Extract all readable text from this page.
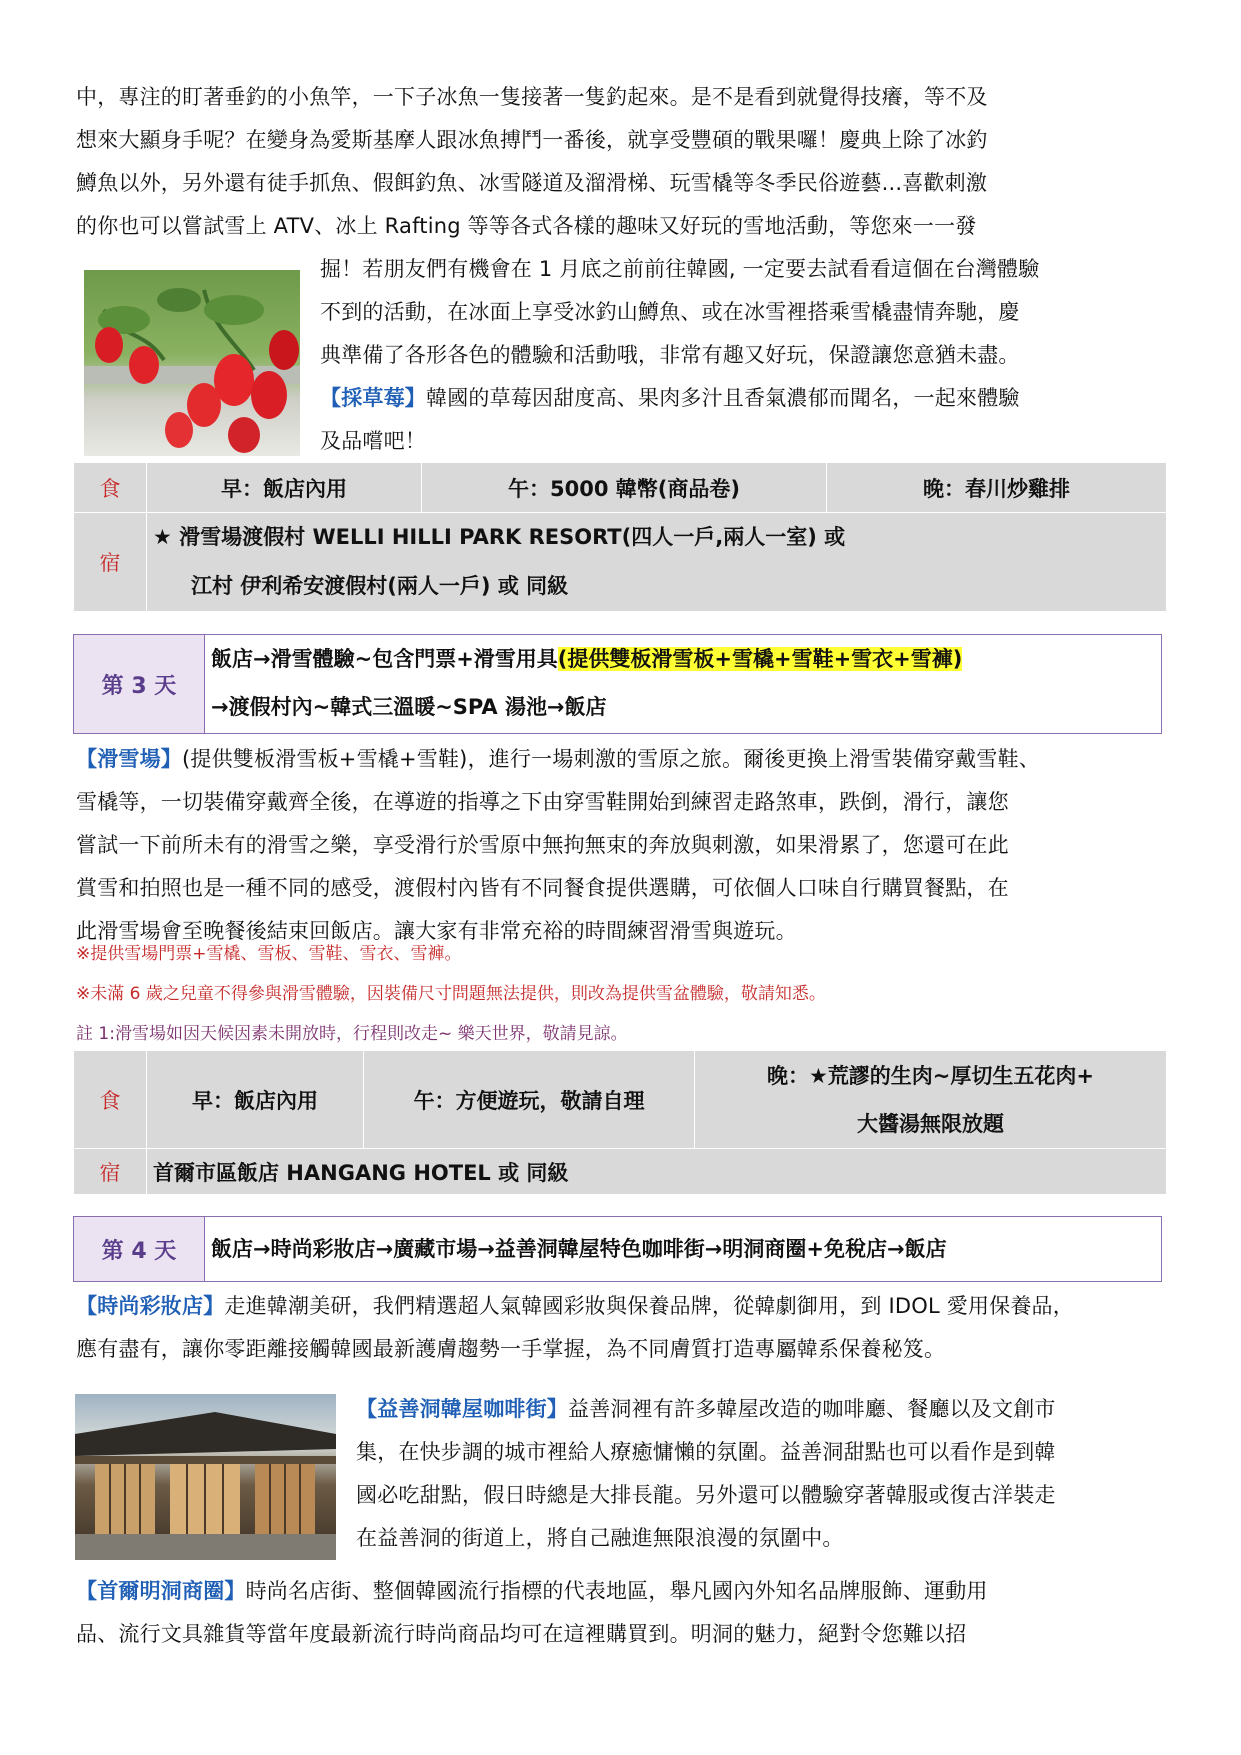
中，專注的盯著垂釣的小魚竿，一下子冰魚一隻接著一隻釣起來。是不是看到就覺得技癢，等不及
想來大顯身手呢？在變身為愛斯基摩人跟冰魚搏鬥一番後，就享受豐碩的戰果囉！慶典上除了冰釣
鱒魚以外，另外還有徒手抓魚、假餌釣魚、冰雪隧道及溜滑梯、玩雪橇等冬季民俗遊藝...喜歡刺激
的你也可以嘗試雪上 ATV、冰上 Rafting 等等各式各樣的趣味又好玩的雪地活動，等您來一一發
掘！若朋友們有機會在 1 月底之前前往韓國, 一定要去試看看這個在台灣體驗
不到的活動，在冰面上享受冰釣山鱒魚、或在冰雪裡搭乘雪橇盡情奔馳，慶
典準備了各形各色的體驗和活動哦，非常有趣又好玩，保證讓您意猶未盡。
【採草莓】韓國的草莓因甜度高、果肉多汁且香氣濃郁而聞名，一起來體驗
及品嚐吧！
食	早：飯店內用	午：5000 韓幣(商品卷)	晚：春川炒雞排
宿	★ 滑雪場渡假村 WELLI HILLI PARK RESORT(四人一戶,兩人一室) 或
江村 伊利希安渡假村(兩人一戶) 或 同級		
第 3 天
飯店→滑雪體驗~包含門票+滑雪用具(提供雙板滑雪板+雪橇+雪鞋+雪衣+雪褲)
→渡假村內~韓式三溫暖~SPA 湯池→飯店
【滑雪場】(提供雙板滑雪板+雪橇+雪鞋)，進行一場刺激的雪原之旅。爾後更換上滑雪裝備穿戴雪鞋、
雪橇等，一切裝備穿戴齊全後，在導遊的指導之下由穿雪鞋開始到練習走路煞車，跌倒，滑行，讓您
嘗試一下前所未有的滑雪之樂，享受滑行於雪原中無拘無束的奔放與刺激，如果滑累了，您還可在此
賞雪和拍照也是一種不同的感受，渡假村內皆有不同餐食提供選購，可依個人口味自行購買餐點，在
此滑雪場會至晚餐後結束回飯店。讓大家有非常充裕的時間練習滑雪與遊玩。
※提供雪場門票+雪橇、雪板、雪鞋、雪衣、雪褲。
※未滿 6 歲之兒童不得參與滑雪體驗，因裝備尺寸問題無法提供，則改為提供雪盆體驗，敬請知悉。
註 1:滑雪場如因天候因素未開放時，行程則改走~ 樂天世界，敬請見諒。
食	早：飯店內用	午：方便遊玩，敬請自理	晚：★荒謬的生肉~厚切生五花肉+
大醬湯無限放題

宿	首爾市區飯店 HANGANG HOTEL 或 同級		
第 4 天	飯店→時尚彩妝店→廣藏市場→益善洞韓屋特色咖啡街→明洞商圈+免稅店→飯店
【時尚彩妝店】走進韓潮美研，我們精選超人氣韓國彩妝與保養品牌，從韓劇御用，到 IDOL 愛用保養品，
應有盡有，讓你零距離接觸韓國最新護膚趨勢一手掌握，為不同膚質打造專屬韓系保養秘笈。
【益善洞韓屋咖啡街】益善洞裡有許多韓屋改造的咖啡廳、餐廳以及文創市
集，在快步調的城市裡給人療癒慵懶的氛圍。益善洞甜點也可以看作是到韓
國必吃甜點，假日時總是大排長龍。另外還可以體驗穿著韓服或復古洋裝走
在益善洞的街道上，將自己融進無限浪漫的氛圍中。
【首爾明洞商圈】時尚名店街、整個韓國流行指標的代表地區，舉凡國內外知名品牌服飾、運動用
品、流行文具雜貨等當年度最新流行時尚商品均可在這裡購買到。明洞的魅力，絕對令您難以招
